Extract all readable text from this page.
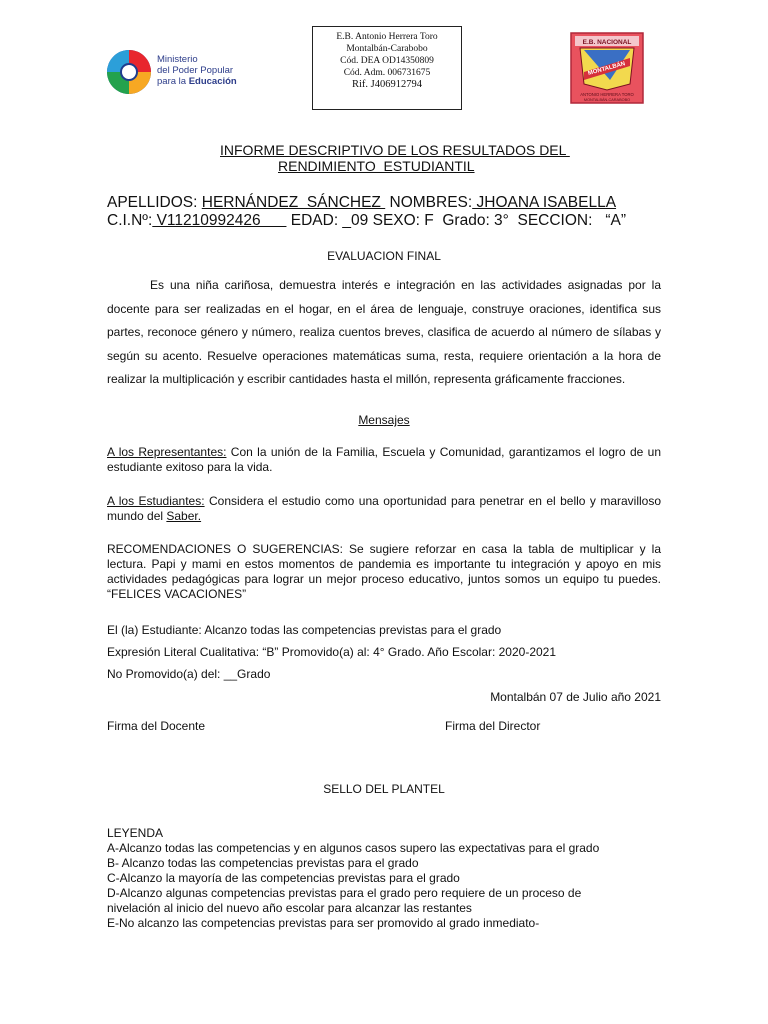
Ministerio
del Poder Popular
para la Educación
E.B. Antonio Herrera Toro
Montalbán-Carabobo
Cód. DEA OD14350809
Cód. Adm. 006731675
Rif. J406912794
E.B. NACIONAL
MONTALBÁN
ANTONIO HERRERA TORO
MONTALBÁN-CARABOBO
INFORME DESCRIPTIVO DE LOS RESULTADOS DEL
RENDIMIENTO  ESTUDIANTIL
APELLIDOS: HERNÁNDEZ  SÁNCHEZ  NOMBRES: JHOANA ISABELLA
C.I.Nº: V11210992426       EDAD: _09 SEXO: F  Grado: 3°  SECCION:   “A”
EVALUACION FINAL
Es una niña cariñosa, demuestra interés e integración en las actividades asignadas por la docente para ser realizadas en el hogar, en el área de lenguaje, construye oraciones, identifica sus partes, reconoce género y número, realiza cuentos breves, clasifica de acuerdo al número de sílabas y según su acento. Resuelve operaciones matemáticas suma, resta, requiere orientación a la hora de realizar la multiplicación y escribir cantidades hasta el millón, representa gráficamente fracciones.
Mensajes
A los Representantes: Con la unión de la Familia, Escuela y Comunidad, garantizamos el logro de un estudiante exitoso para la vida.
A los Estudiantes: Considera el estudio como una oportunidad para penetrar en el bello y maravilloso mundo del Saber.
RECOMENDACIONES O SUGERENCIAS: Se sugiere reforzar en casa la tabla de multiplicar y la lectura. Papi y mami en estos momentos de pandemia es importante tu integración y apoyo en mis actividades pedagógicas para lograr un mejor proceso educativo, juntos somos un equipo tu puedes. “FELICES VACACIONES”
El (la) Estudiante: Alcanzo todas las competencias previstas para el grado
Expresión Literal Cualitativa: “B” Promovido(a) al: 4° Grado. Año Escolar: 2020-2021
No Promovido(a) del: __Grado
Montalbán 07 de Julio año 2021
Firma del Docente	Firma del Director
SELLO DEL PLANTEL
LEYENDA
A-Alcanzo todas las competencias y en algunos casos supero las expectativas para el grado
B- Alcanzo todas las competencias previstas para el grado
C-Alcanzo la mayoría de las competencias previstas para el grado
D-Alcanzo algunas competencias previstas para el grado pero requiere de un proceso de
nivelación al inicio del nuevo año escolar para alcanzar las restantes
E-No alcanzo las competencias previstas para ser promovido al grado inmediato-
